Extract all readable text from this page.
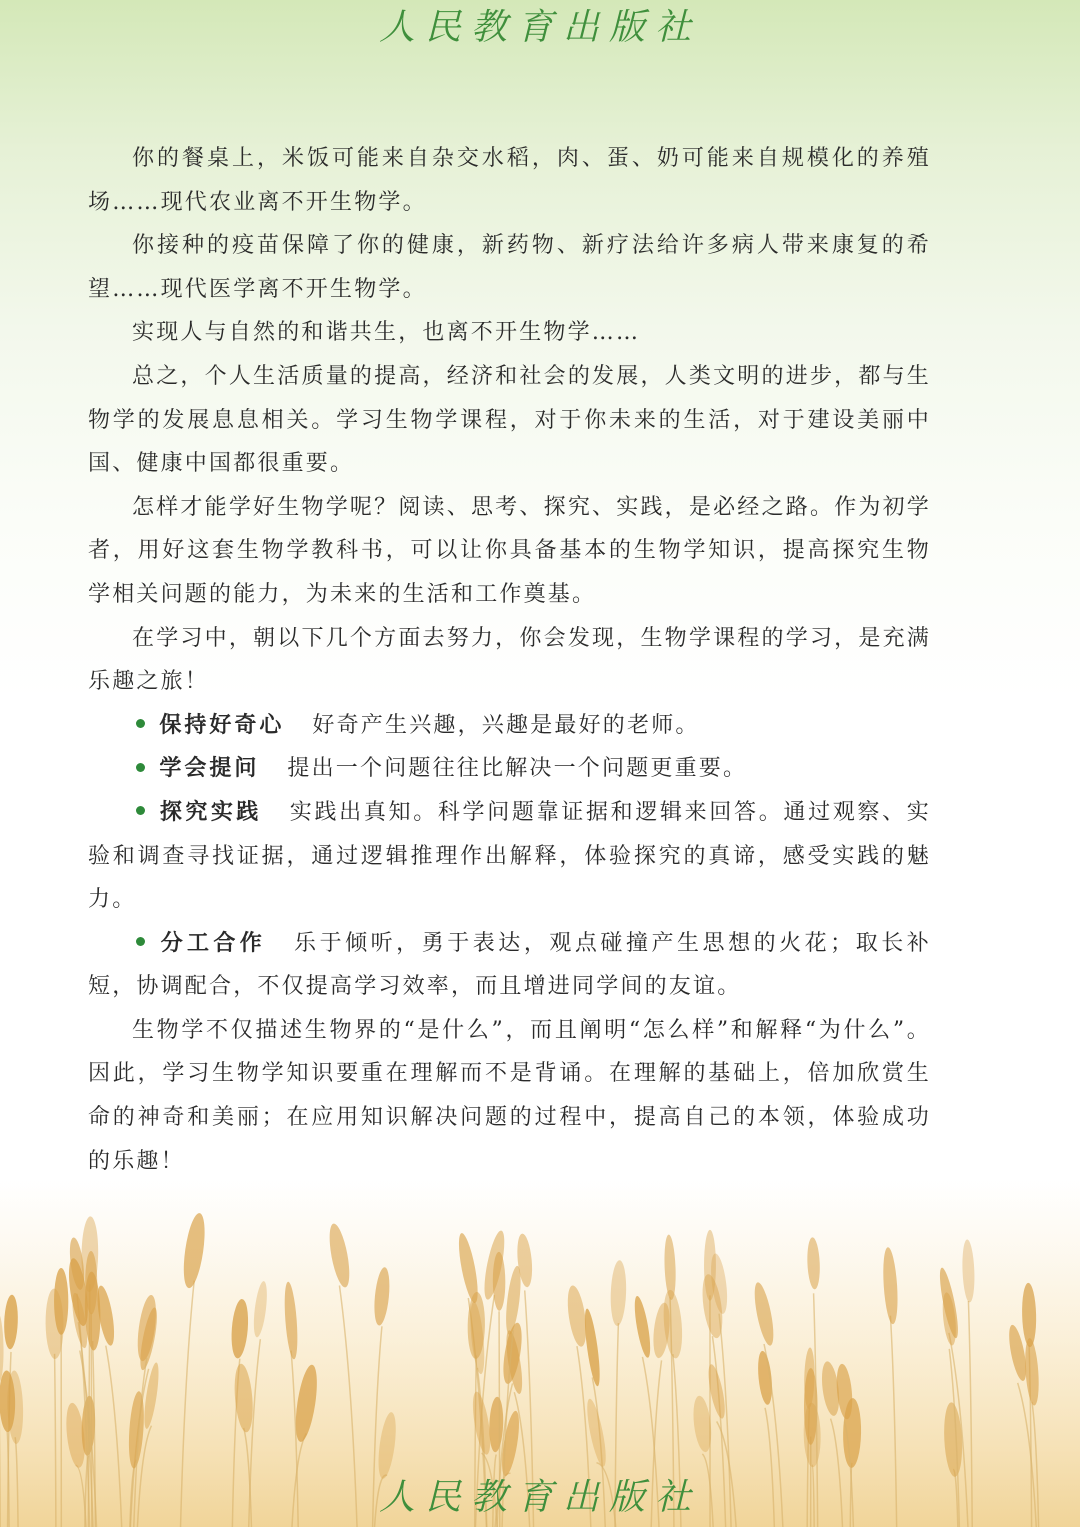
人民教育出版社

你的餐桌上，米饭可能来自杂交水稻，肉、蛋、奶可能来自规模化的养殖场……现代农业离不开生物学。

你接种的疫苗保障了你的健康，新药物、新疗法给许多病人带来康复的希望……现代医学离不开生物学。

实现人与自然的和谐共生，也离不开生物学……

总之，个人生活质量的提高，经济和社会的发展，人类文明的进步，都与生物学的发展息息相关。学习生物学课程，对于你未来的生活，对于建设美丽中国、健康中国都很重要。

怎样才能学好生物学呢？阅读、思考、探究、实践，是必经之路。作为初学者，用好这套生物学教科书，可以让你具备基本的生物学知识，提高探究生物学相关问题的能力，为未来的生活和工作奠基。

在学习中，朝以下几个方面去努力，你会发现，生物学课程的学习，是充满乐趣之旅！

保持好奇心 好奇产生兴趣，兴趣是最好的老师。

学会提问 提出一个问题往往比解决一个问题更重要。

探究实践 实践出真知。科学问题靠证据和逻辑来回答。通过观察、实验和调查寻找证据，通过逻辑推理作出解释，体验探究的真谛，感受实践的魅力。

分工合作 乐于倾听，勇于表达，观点碰撞产生思想的火花；取长补短，协调配合，不仅提高学习效率，而且增进同学间的友谊。

生物学不仅描述生物界的“是什么”，而且阐明“怎么样”和解释“为什么”。因此，学习生物学知识要重在理解而不是背诵。在理解的基础上，倍加欣赏生命的神奇和美丽；在应用知识解决问题的过程中，提高自己的本领，体验成功的乐趣！

人民教育出版社
